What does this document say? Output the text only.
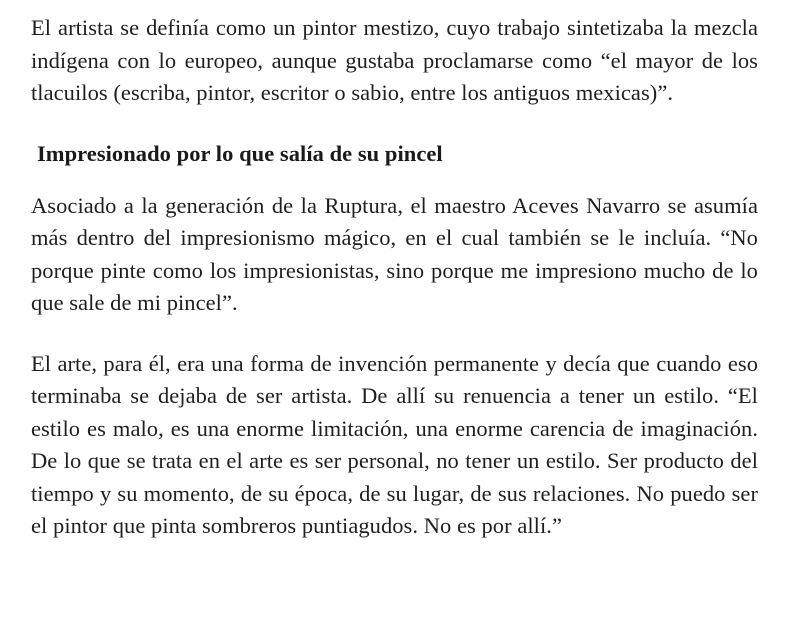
El artista se definía como un pintor mestizo, cuyo trabajo sintetizaba la mezcla indígena con lo europeo, aunque gustaba proclamarse como “el mayor de los tlacuilos (escriba, pintor, escritor o sabio, entre los antiguos mexicas)”.

Impresionado por lo que salía de su pincel

Asociado a la generación de la Ruptura, el maestro Aceves Navarro se asumía más dentro del impresionismo mágico, en el cual también se le incluía. “No porque pinte como los impresionistas, sino porque me impresiono mucho de lo que sale de mi pincel”.

El arte, para él, era una forma de invención permanente y decía que cuando eso terminaba se dejaba de ser artista. De allí su renuencia a tener un estilo. “El estilo es malo, es una enorme limitación, una enorme carencia de imaginación. De lo que se trata en el arte es ser personal, no tener un estilo. Ser producto del tiempo y su momento, de su época, de su lugar, de sus relaciones. No puedo ser el pintor que pinta sombreros puntiagudos. No es por allí.”
